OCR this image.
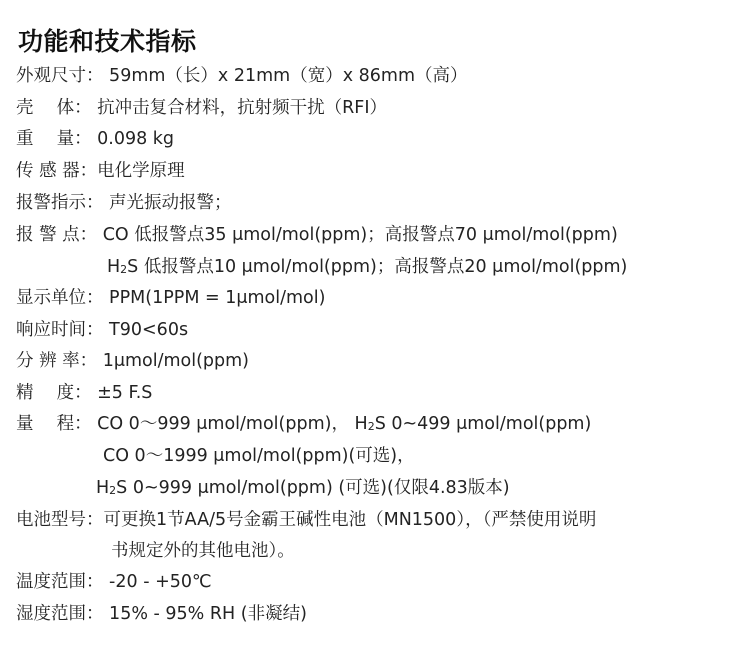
功能和技术指标
外观尺寸： 59mm（长）x 21mm（宽）x 86mm（高）
壳　 体： 抗冲击复合材料，抗射频干扰（RFI）
重　 量： 0.098 kg
传 感 器：电化学原理
报警指示： 声光振动报警；
报 警 点： CO 低报警点35 μmol/mol(ppm)；高报警点70 μmol/mol(ppm)
H2S 低报警点10 μmol/mol(ppm)；高报警点20 μmol/mol(ppm)
显示单位： PPM(1PPM = 1μmol/mol)
响应时间： T90<60s
分 辨 率： 1μmol/mol(ppm)
精　 度： ±5 F.S
量　 程： CO 0～999 μmol/mol(ppm)， H2S 0~499 μmol/mol(ppm)
CO 0～1999 μmol/mol(ppm)(可选)，
H2S 0~999 μmol/mol(ppm) (可选)(仅限4.83版本)
电池型号：可更换1节AA/5号金霸王碱性电池（MN1500），（严禁使用说明
书规定外的其他电池）。
温度范围： -20 - +50℃
湿度范围： 15% - 95% RH (非凝结)
